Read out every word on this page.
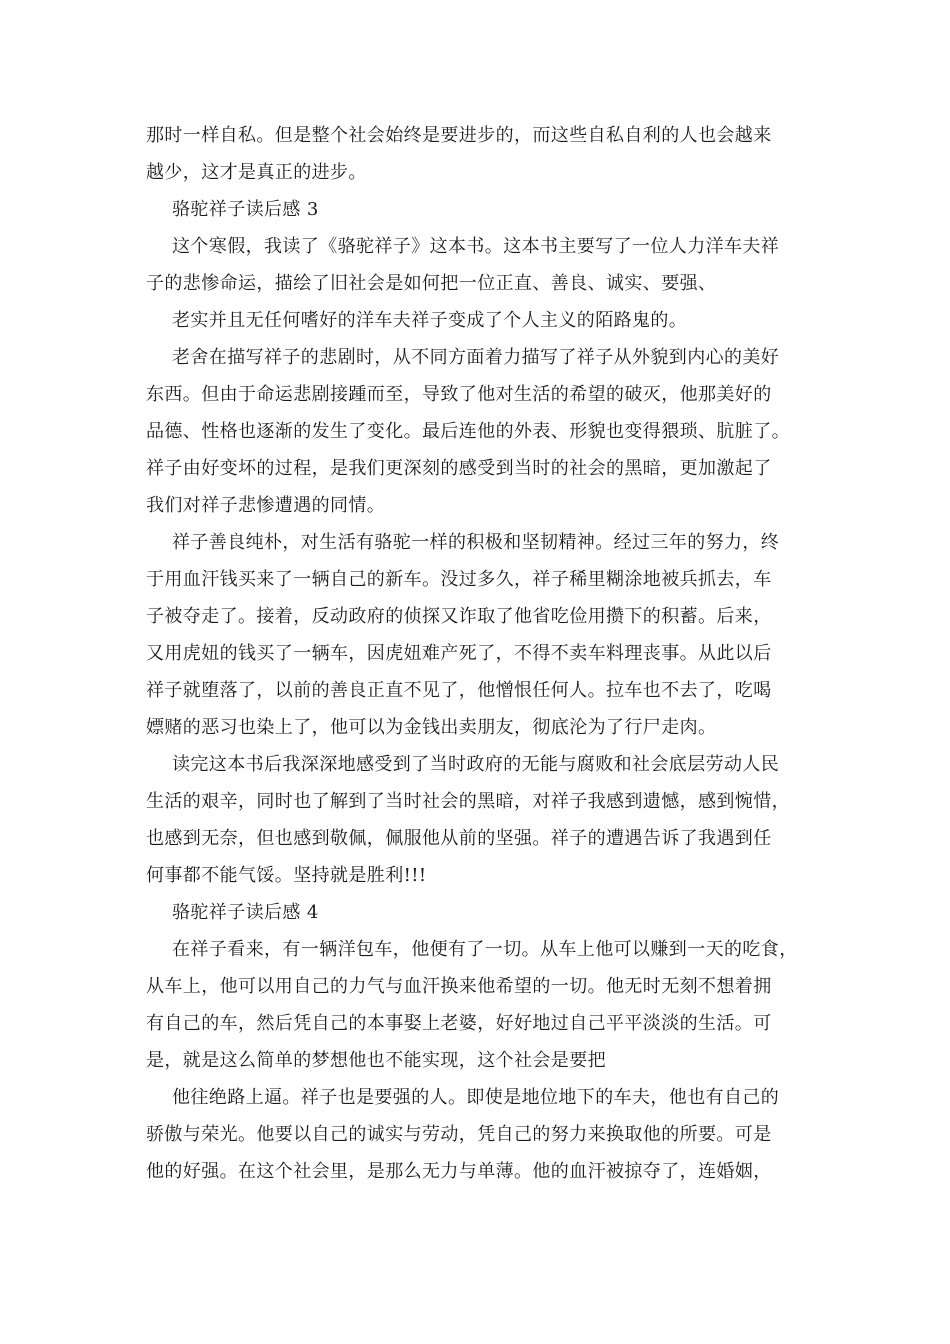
那时一样自私。但是整个社会始终是要进步的，而这些自私自利的人也会越来
越少，这才是真正的进步。
骆驼祥子读后感 3
这个寒假，我读了《骆驼祥子》这本书。这本书主要写了一位人力洋车夫祥
子的悲惨命运，描绘了旧社会是如何把一位正直、善良、诚实、要强、
老实并且无任何嗜好的洋车夫祥子变成了个人主义的陌路鬼的。
老舍在描写祥子的悲剧时，从不同方面着力描写了祥子从外貌到内心的美好
东西。但由于命运悲剧接踵而至，导致了他对生活的希望的破灭，他那美好的
品德、性格也逐渐的发生了变化。最后连他的外表、形貌也变得猥琐、肮脏了。
祥子由好变坏的过程，是我们更深刻的感受到当时的社会的黑暗，更加激起了
我们对祥子悲惨遭遇的同情。
祥子善良纯朴，对生活有骆驼一样的积极和坚韧精神。经过三年的努力，终
于用血汗钱买来了一辆自己的新车。没过多久，祥子稀里糊涂地被兵抓去，车
子被夺走了。接着，反动政府的侦探又诈取了他省吃俭用攒下的积蓄。后来，
又用虎妞的钱买了一辆车，因虎妞难产死了，不得不卖车料理丧事。从此以后
祥子就堕落了，以前的善良正直不见了，他憎恨任何人。拉车也不去了，吃喝
嫖赌的恶习也染上了，他可以为金钱出卖朋友，彻底沦为了行尸走肉。
读完这本书后我深深地感受到了当时政府的无能与腐败和社会底层劳动人民
生活的艰辛，同时也了解到了当时社会的黑暗，对祥子我感到遗憾，感到惋惜，
也感到无奈，但也感到敬佩，佩服他从前的坚强。祥子的遭遇告诉了我遇到任
何事都不能气馁。坚持就是胜利!!!
骆驼祥子读后感 4
在祥子看来，有一辆洋包车，他便有了一切。从车上他可以赚到一天的吃食，
从车上，他可以用自己的力气与血汗换来他希望的一切。他无时无刻不想着拥
有自己的车，然后凭自己的本事娶上老婆，好好地过自己平平淡淡的生活。可
是，就是这么简单的梦想他也不能实现，这个社会是要把
他往绝路上逼。祥子也是要强的人。即使是地位地下的车夫，他也有自己的
骄傲与荣光。他要以自己的诚实与劳动，凭自己的努力来换取他的所要。可是
他的好强。在这个社会里，是那么无力与单薄。他的血汗被掠夺了，连婚姻，
